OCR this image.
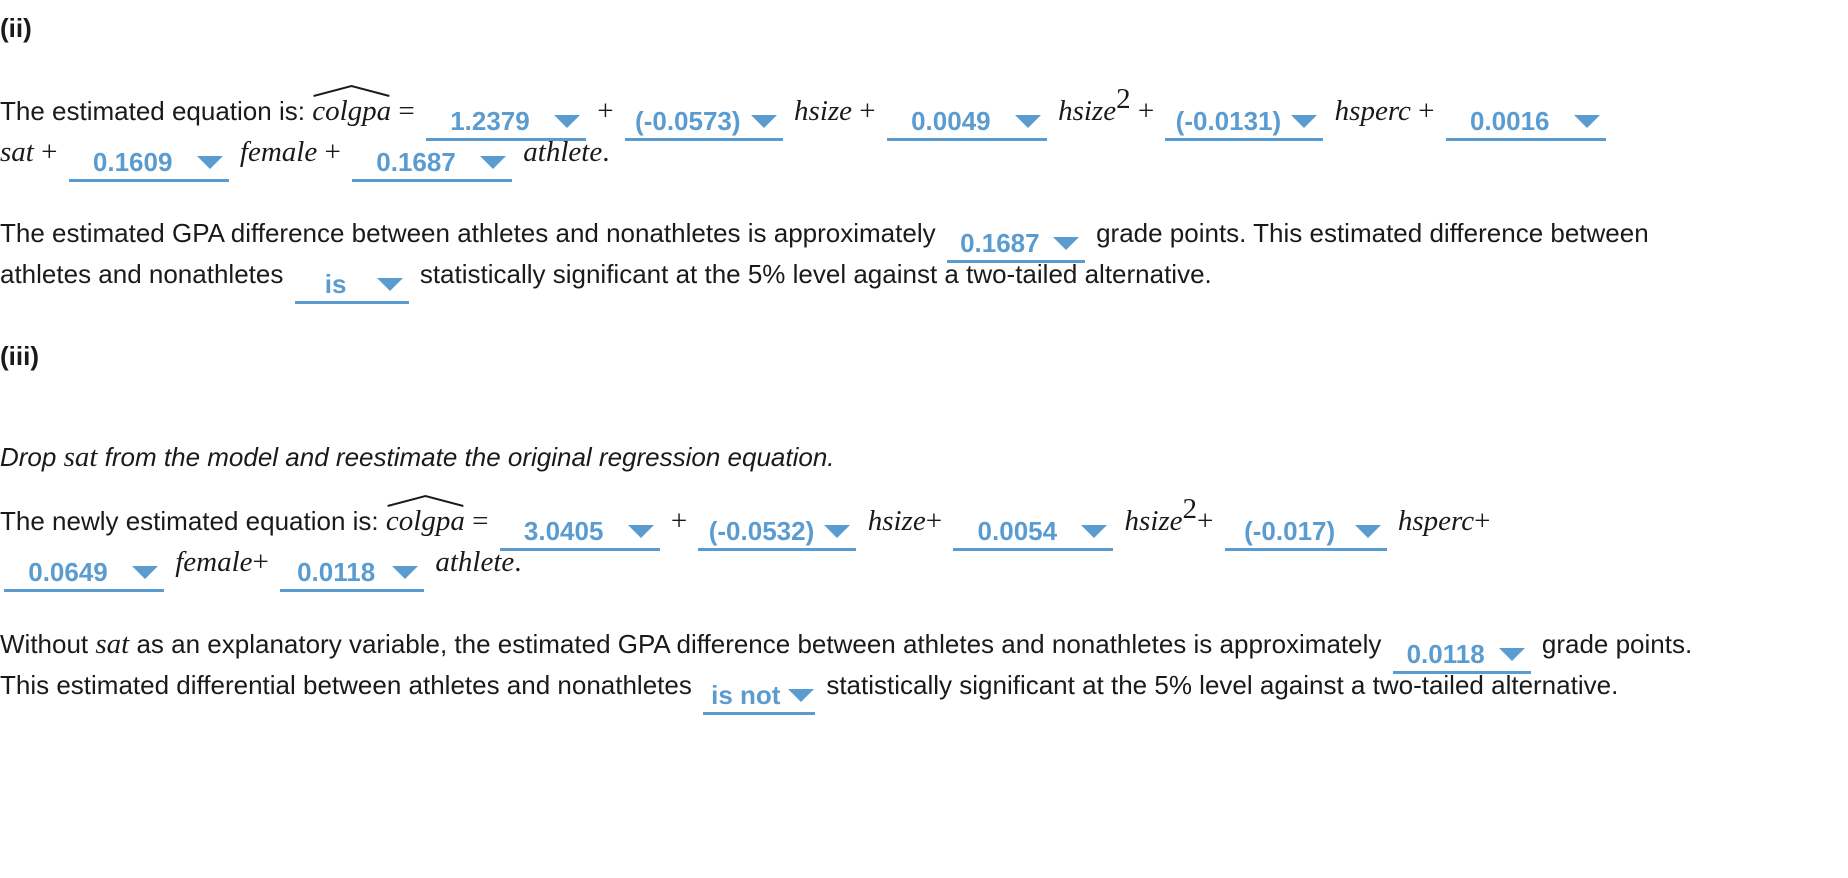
(ii)
The estimated equation is: colgpa =	1.2379	+ (-0.0573) hsize +	0.0049	hsize$^2$ + (-0.0131) hsperc +	0.0016
sat +	0.1609	female +	0.1687	athlete.
The estimated GPA difference between athletes and nonathletes is approximately 0.1687 grade points. This estimated difference between
athletes and nonathletes	is	statistically significant at the 5% level against a two-tailed alternative.
(iii)
Drop sat from the model and reestimate the original regression equation.
The newly estimated equation is: colgpa =	3.0405	+ (-0.0532) hsize+	0.0054	hsize$^2$+	(-0.017)	hsperc+
0.0649	female+	0.0118	athlete.
Without sat as an explanatory variable, the estimated GPA difference between athletes and nonathletes is approximately 0.0118 grade points.
This estimated differential between athletes and nonathletes is not statistically significant at the 5% level against a two-tailed alternative.
